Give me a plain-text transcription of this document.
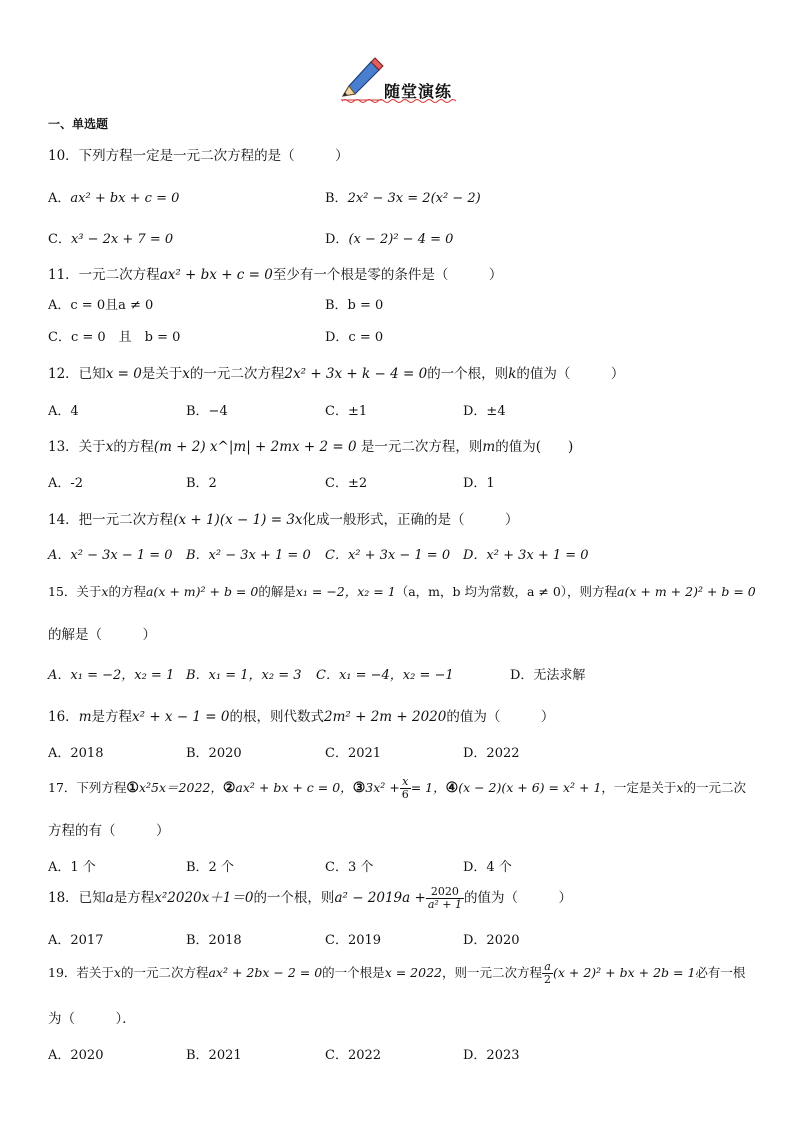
随堂演练
一、单选题
10．下列方程一定是一元二次方程的是（　　　）
A．ax² + bx + c = 0	B．2x² − 3x = 2(x² − 2)
C．x³ − 2x + 7 = 0	D．(x − 2)² − 4 = 0
11．一元二次方程ax² + bx + c = 0至少有一个根是零的条件是（　　　）
A．c = 0且a ≠ 0	B．b = 0
C．c = 0　且　b = 0	D．c = 0
12．已知x = 0是关于x的一元二次方程2x² + 3x + k − 4 = 0的一个根，则k的值为（　　　）
A．4	B．−4	C．±1	D．±4
13．关于x的方程(m + 2) x^|m| + 2mx + 2 = 0 是一元二次方程，则m的值为(　　)
A．-2	B．2	C．±2	D．1
14．把一元二次方程(x + 1)(x − 1) = 3x化成一般形式，正确的是（　　　）
A．x² − 3x − 1 = 0 B．x² − 3x + 1 = 0 C．x² + 3x − 1 = 0 D．x² + 3x + 1 = 0
15．关于x的方程a(x + m)² + b = 0的解是x₁ = −2，x₂ = 1（a，m，b 均为常数，a ≠ 0），则方程a(x + m + 2)² + b = 0
的解是（　　　）
A．x₁ = −2，x₂ = 1 B．x₁ = 1，x₂ = 3 C．x₁ = −4，x₂ = −1	D．无法求解
16．m是方程x² + x − 1 = 0的根，则代数式2m² + 2m + 2020的值为（　　　）
A．2018	B．2020	C．2021	D．2022
17．下列方程①x²5x＝2022，②ax² + bx + c = 0，③3x² + $\frac{x}{6} = 1$，④(x − 2)(x + 6) = x² + 1，一定是关于x的一元二次
方程的有（　　　）
A．1 个	B．2 个	C．3 个	D．4 个
18．已知a是方程x²2020x＋1＝0的一个根，则$a^2 - 2019a + \frac{2020}{\text{a² + 1}}$ 的值为（　　　）
A．2017	B．2018	C．2019	D．2020
19．若关于x的一元二次方程ax² + 2bx − 2 = 0的一个根是x = 2022，则一元二次方程 $\frac{a}{2} (x + 2)^2$ + bx + 2b = 1必有一根
为（　　　）．
A．2020	B．2021	C．2022	D．2023
